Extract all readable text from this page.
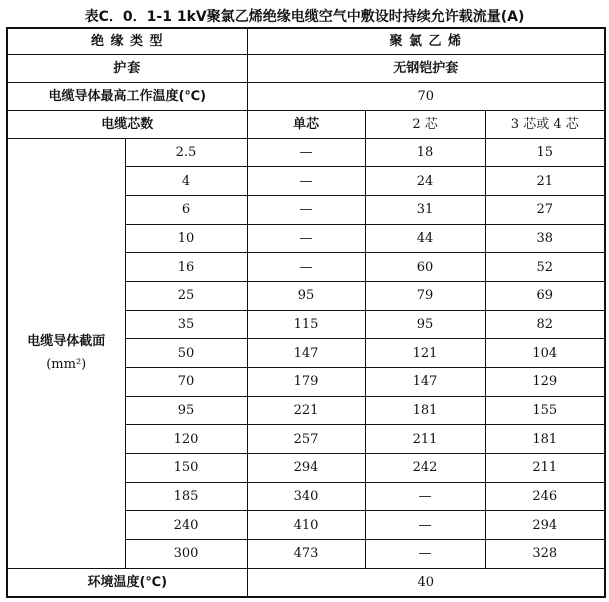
表C．0．1-1 1kV聚氯乙烯绝缘电缆空气中敷设时持续允许载流量(A)
绝 缘 类 型		聚 氯 乙 烯		
护套		无钢铠护套		
电缆导体最高工作温度(℃)		70		
电缆芯数		单芯	2 芯	3 芯或 4 芯

电缆导体截面
(mm²)	2.5	—	18	15
	4	—	24	21
	6	—	31	27
	10	—	44	38
	16	—	60	52
	25	95	79	69
	35	115	95	82
	50	147	121	104
	70	179	147	129
	95	221	181	155
	120	257	211	181
	150	294	242	211
	185	340	—	246
	240	410	—	294
	300	473	—	328
环境温度(℃)		40		
